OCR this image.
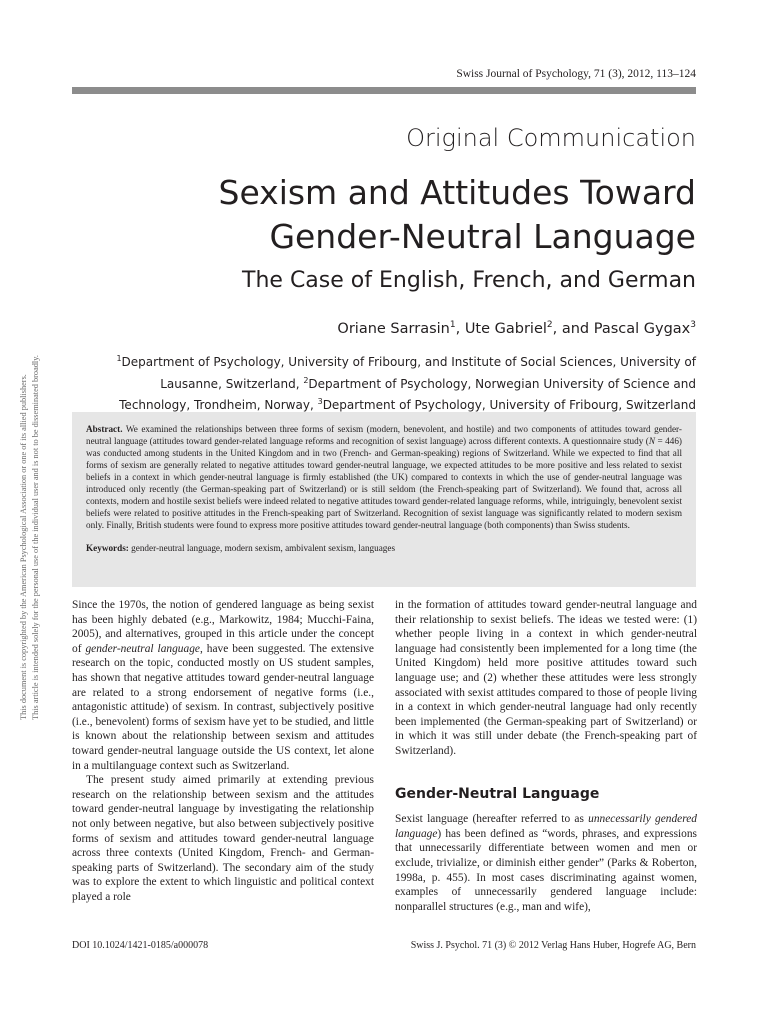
Swiss Journal of Psychology, 71 (3), 2012, 113–124
Original Communication
Sexism and Attitudes Toward Gender-Neutral Language
The Case of English, French, and German
Oriane Sarrasin$^1$, Ute Gabriel$^2$, and Pascal Gygax$^3$
$^1$Department of Psychology, University of Fribourg, and Institute of Social Sciences, University of Lausanne, Switzerland, $^2$Department of Psychology, Norwegian University of Science and Technology, Trondheim, Norway, $^3$Department of Psychology, University of Fribourg, Switzerland
Abstract. We examined the relationships between three forms of sexism (modern, benevolent, and hostile) and two components of attitudes toward gender-neutral language (attitudes toward gender-related language reforms and recognition of sexist language) across different contexts. A questionnaire study (N = 446) was conducted among students in the United Kingdom and in two (French- and German-speaking) regions of Switzerland. While we expected to find that all forms of sexism are generally related to negative attitudes toward gender-neutral language, we expected attitudes to be more positive and less related to sexist beliefs in a context in which gender-neutral language is firmly established (the UK) compared to contexts in which the use of gender-neutral language was introduced only recently (the German-speaking part of Switzerland) or is still seldom (the French-speaking part of Switzerland). We found that, across all contexts, modern and hostile sexist beliefs were indeed related to negative attitudes toward gender-related language reforms, while, intriguingly, benevolent sexist beliefs were related to positive attitudes in the French-speaking part of Switzerland. Recognition of sexist language was significantly related to modern sexism only. Finally, British students were found to express more positive attitudes toward gender-neutral language (both components) than Swiss students.
Keywords: gender-neutral language, modern sexism, ambivalent sexism, languages

Since the 1970s, the notion of gendered language as being sexist has been highly debated (e.g., Markowitz, 1984; Mucchi-Faina, 2005), and alternatives, grouped in this article under the concept of gender-neutral language, have been suggested. The extensive research on the topic, conducted mostly on US student samples, has shown that negative attitudes toward gender-neutral language are related to a strong endorsement of negative forms (i.e., antagonistic attitude) of sexism. In contrast, subjectively positive (i.e., benevolent) forms of sexism have yet to be studied, and little is known about the relationship between sexism and attitudes toward gender-neutral language outside the US context, let alone in a multilanguage context such as Switzerland.

The present study aimed primarily at extending previous research on the relationship between sexism and the attitudes toward gender-neutral language by investigating the relationship not only between negative, but also between subjectively positive forms of sexism and attitudes toward gender-neutral language across three contexts (United Kingdom, French- and German-speaking parts of Switzerland). The secondary aim of the study was to explore the extent to which linguistic and political context played a role

in the formation of attitudes toward gender-neutral language and their relationship to sexist beliefs. The ideas we tested were: (1) whether people living in a context in which gender-neutral language had consistently been implemented for a long time (the United Kingdom) held more positive attitudes toward such language use; and (2) whether these attitudes were less strongly associated with sexist attitudes compared to those of people living in a context in which gender-neutral language had only recently been implemented (the German-speaking part of Switzerland) or in which it was still under debate (the French-speaking part of Switzerland).

Gender-Neutral Language

Sexist language (hereafter referred to as unnecessarily gendered language) has been defined as “words, phrases, and expressions that unnecessarily differentiate between women and men or exclude, trivialize, or diminish either gender” (Parks & Roberton, 1998a, p. 455). In most cases discriminating against women, examples of unnecessarily gendered language include: nonparallel structures (e.g., man and wife),

This document is copyrighted by the American Psychological Association or one of its allied publishers. This article is intended solely for the personal use of the individual user and is not to be disseminated broadly.
DOI 10.1024/1421-0185/a000078	Swiss J. Psychol. 71 (3) © 2012 Verlag Hans Huber, Hogrefe AG, Bern
